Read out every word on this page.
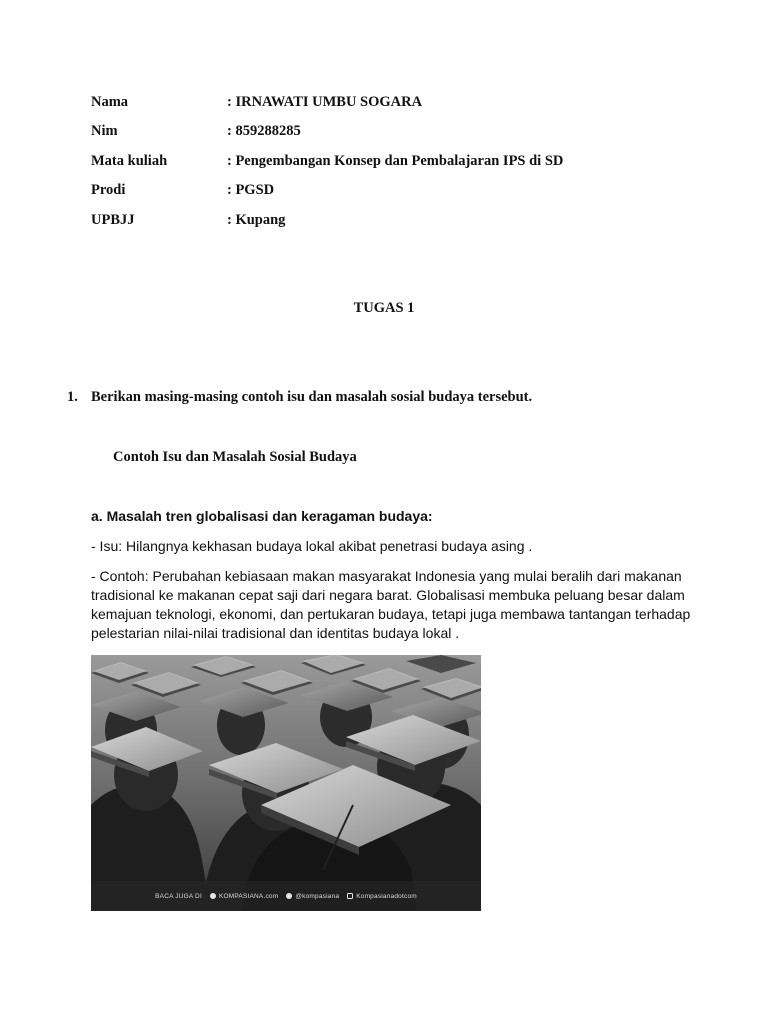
Nama	: IRNAWATI UMBU SOGARA
Nim	: 859288285
Mata kuliah	: Pengembangan Konsep dan Pembalajaran IPS di SD
Prodi	: PGSD
UPBJJ	: Kupang
TUGAS 1
1. Berikan masing-masing contoh isu dan masalah sosial budaya tersebut.
Contoh Isu dan Masalah Sosial Budaya
a. Masalah tren globalisasi dan keragaman budaya:
- Isu: Hilangnya kekhasan budaya lokal akibat penetrasi budaya asing .
- Contoh: Perubahan kebiasaan makan masyarakat Indonesia yang mulai beralih dari makanan tradisional ke makanan cepat saji dari negara barat. Globalisasi membuka peluang besar dalam kemajuan teknologi, ekonomi, dan pertukaran budaya, tetapi juga membawa tantangan terhadap pelestarian nilai-nilai tradisional dan identitas budaya lokal .
BACA JUGA DI	KOMPASIANA.com	@kompasiana	Kompasianadotcom
